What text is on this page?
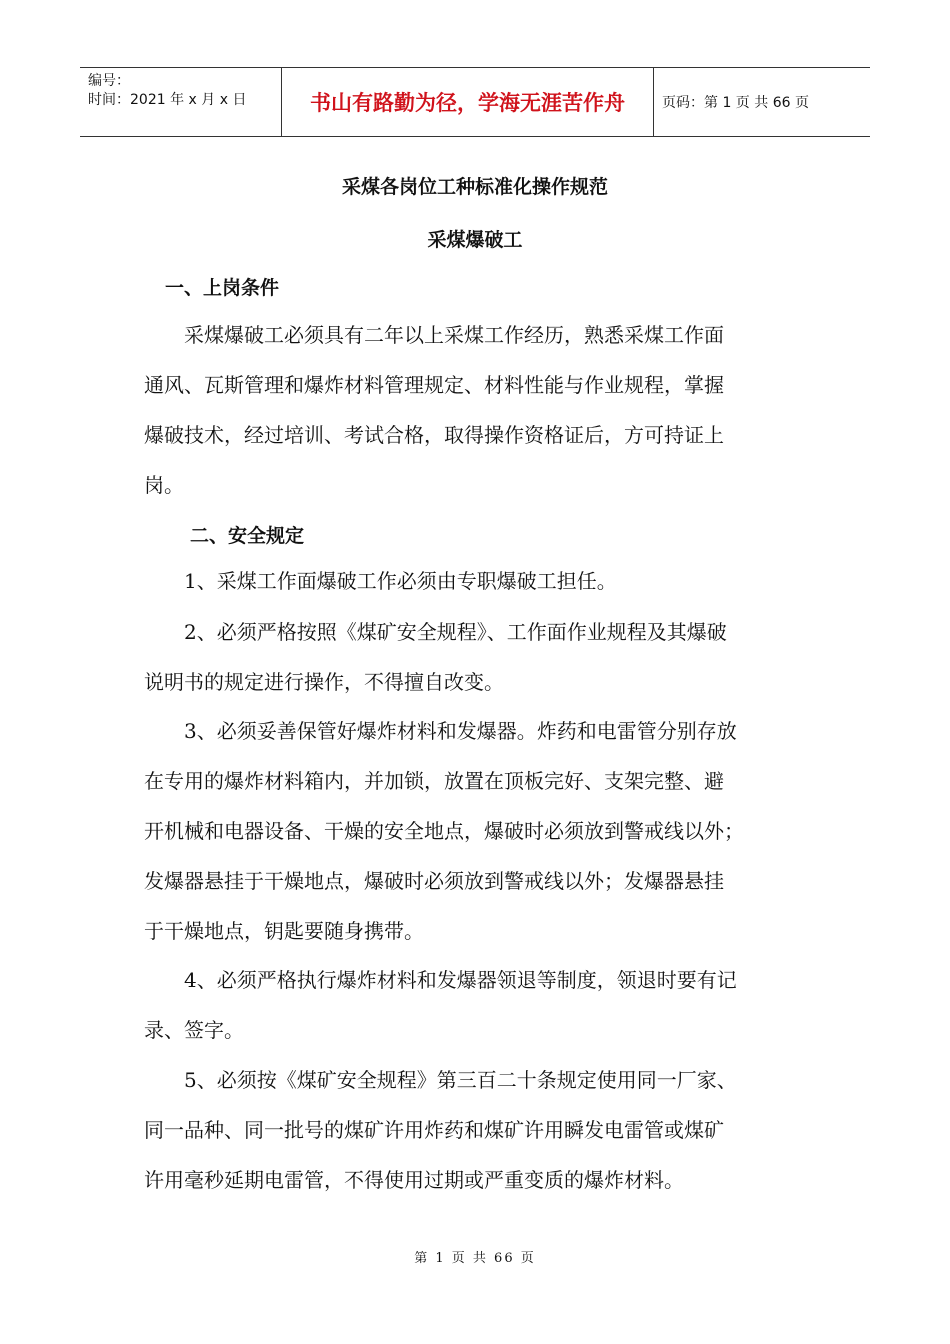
编号：
时间：2021 年 x 月 x 日	书山有路勤为径，学海无涯苦作舟	页码：第 1 页 共 66 页
采煤各岗位工种标准化操作规范
采煤爆破工
一、上岗条件
采煤爆破工必须具有二年以上采煤工作经历，熟悉采煤工作面
通风、瓦斯管理和爆炸材料管理规定、材料性能与作业规程，掌握
爆破技术，经过培训、考试合格，取得操作资格证后，方可持证上
岗。
二、安全规定
1、采煤工作面爆破工作必须由专职爆破工担任。
2、必须严格按照《煤矿安全规程》、工作面作业规程及其爆破
说明书的规定进行操作，不得擅自改变。
3、必须妥善保管好爆炸材料和发爆器。炸药和电雷管分别存放
在专用的爆炸材料箱内，并加锁，放置在顶板完好、支架完整、避
开机械和电器设备、干燥的安全地点，爆破时必须放到警戒线以外；
发爆器悬挂于干燥地点，爆破时必须放到警戒线以外；发爆器悬挂
于干燥地点，钥匙要随身携带。
4、必须严格执行爆炸材料和发爆器领退等制度，领退时要有记
录、签字。
5、必须按《煤矿安全规程》第三百二十条规定使用同一厂家、
同一品种、同一批号的煤矿许用炸药和煤矿许用瞬发电雷管或煤矿
许用毫秒延期电雷管，不得使用过期或严重变质的爆炸材料。
第 1 页 共 66 页
